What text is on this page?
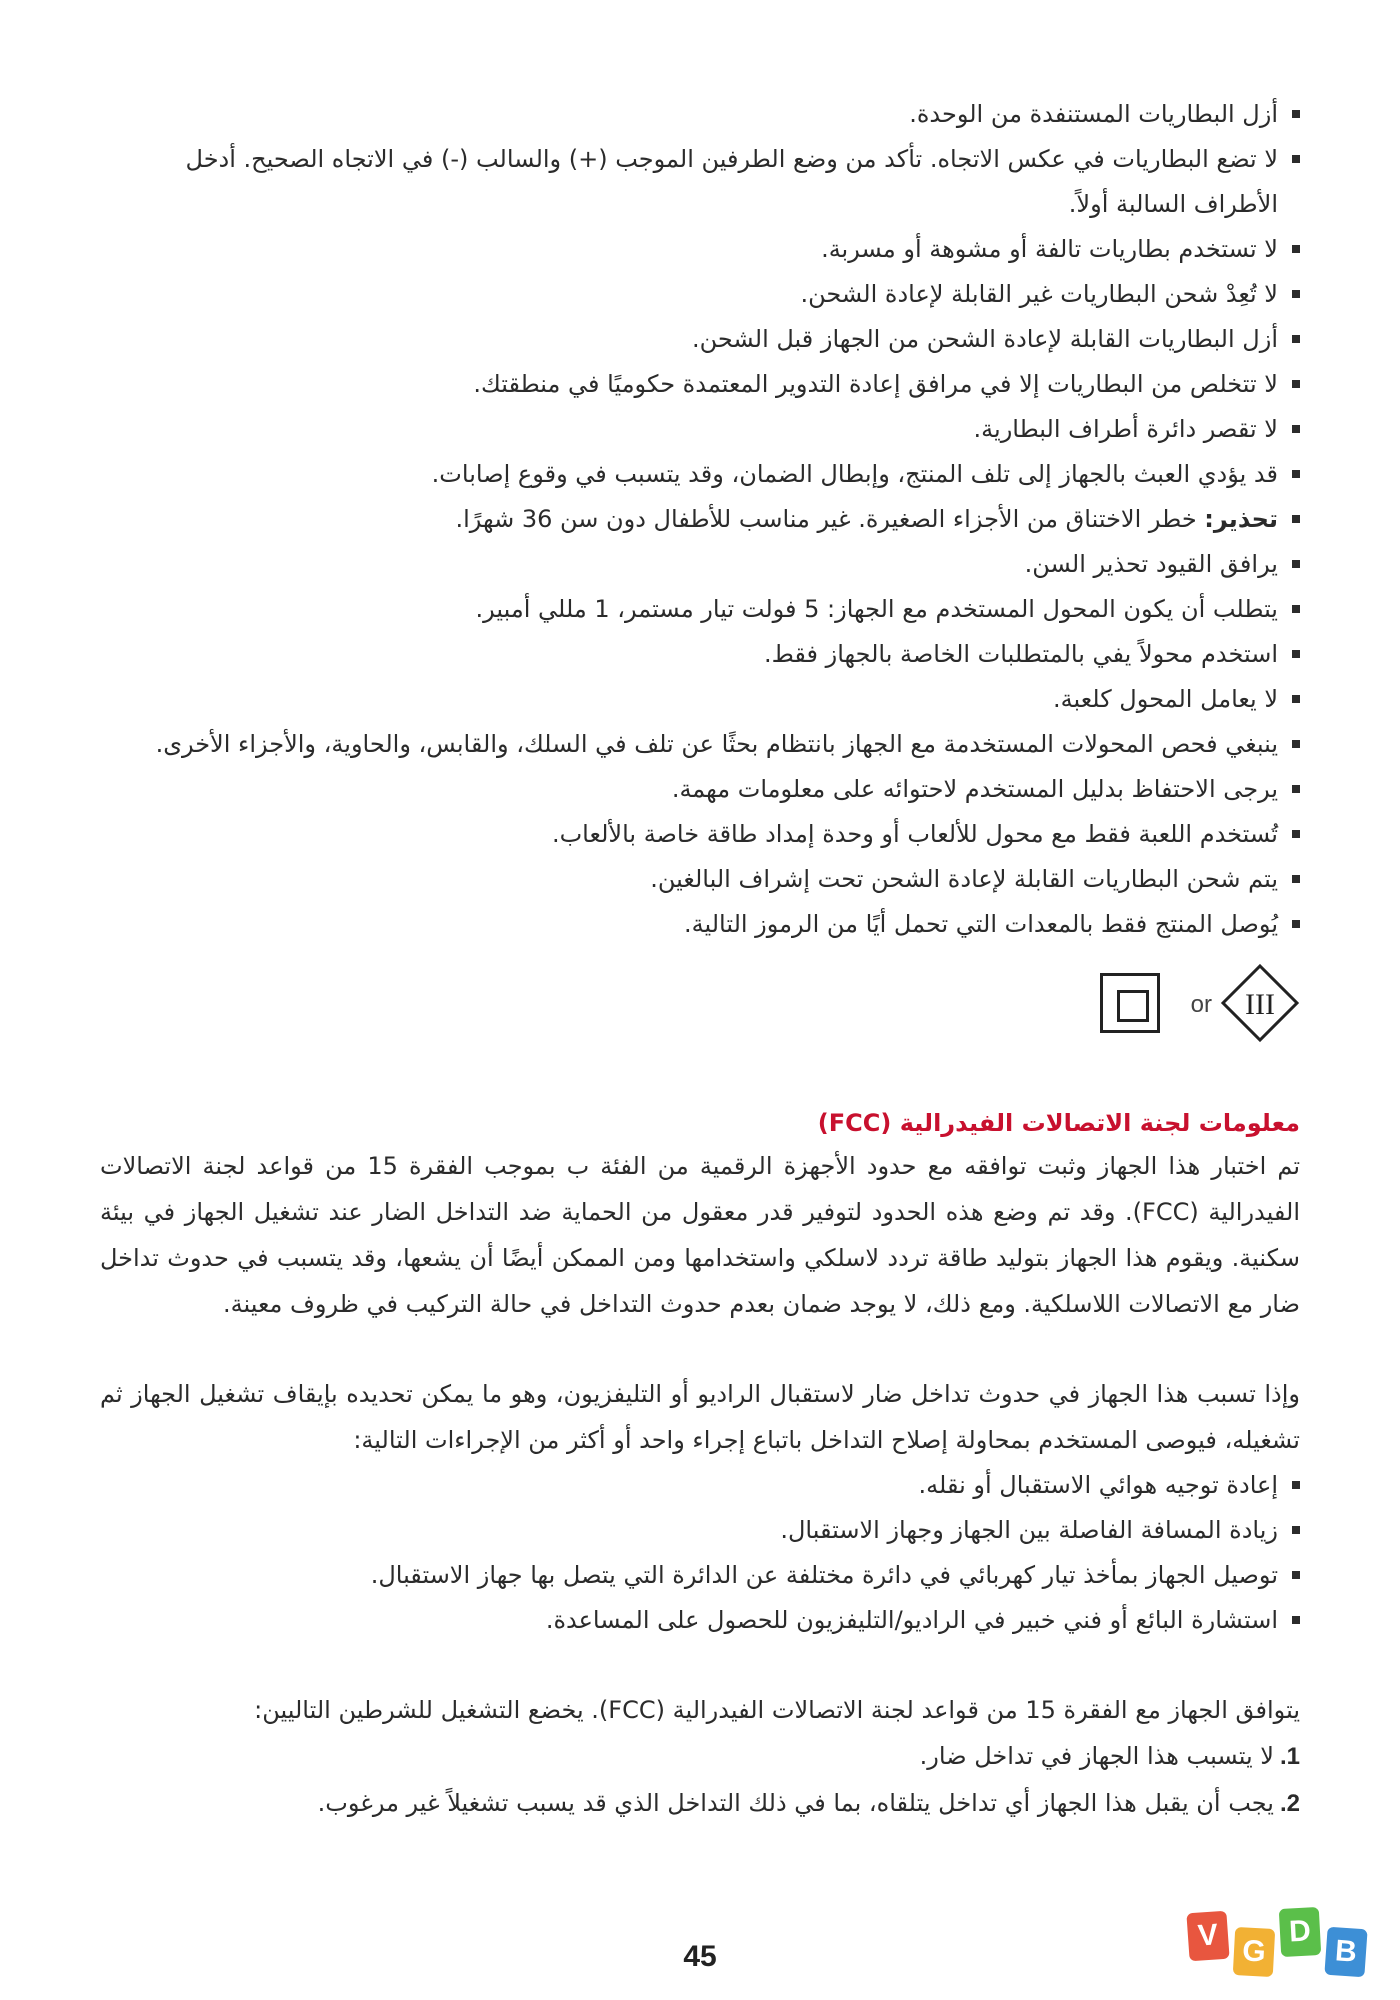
أزل البطاريات المستنفدة من الوحدة.
لا تضع البطاريات في عكس الاتجاه. تأكد من وضع الطرفين الموجب (+) والسالب (-) في الاتجاه الصحيح. أدخل الأطراف السالبة أولاً.
لا تستخدم بطاريات تالفة أو مشوهة أو مسربة.
لا تُعِدْ شحن البطاريات غير القابلة لإعادة الشحن.
أزل البطاريات القابلة لإعادة الشحن من الجهاز قبل الشحن.
لا تتخلص من البطاريات إلا في مرافق إعادة التدوير المعتمدة حكوميًا في منطقتك.
لا تقصر دائرة أطراف البطارية.
قد يؤدي العبث بالجهاز إلى تلف المنتج، وإبطال الضمان، وقد يتسبب في وقوع إصابات.
تحذير: خطر الاختناق من الأجزاء الصغيرة. غير مناسب للأطفال دون سن 36 شهرًا.
يرافق القيود تحذير السن.
يتطلب أن يكون المحول المستخدم مع الجهاز: 5 فولت تيار مستمر، 1 مللي أمبير.
استخدم محولاً يفي بالمتطلبات الخاصة بالجهاز فقط.
لا يعامل المحول كلعبة.
ينبغي فحص المحولات المستخدمة مع الجهاز بانتظام بحثًا عن تلف في السلك، والقابس، والحاوية، والأجزاء الأخرى.
يرجى الاحتفاظ بدليل المستخدم لاحتوائه على معلومات مهمة.
تُستخدم اللعبة فقط مع محول للألعاب أو وحدة إمداد طاقة خاصة بالألعاب.
يتم شحن البطاريات القابلة لإعادة الشحن تحت إشراف البالغين.
يُوصل المنتج فقط بالمعدات التي تحمل أيًا من الرموز التالية.
or III
معلومات لجنة الاتصالات الفيدرالية (FCC)

تم اختبار هذا الجهاز وثبت توافقه مع حدود الأجهزة الرقمية من الفئة ب بموجب الفقرة 15 من قواعد لجنة الاتصالات الفيدرالية (FCC). وقد تم وضع هذه الحدود لتوفير قدر معقول من الحماية ضد التداخل الضار عند تشغيل الجهاز في بيئة سكنية. ويقوم هذا الجهاز بتوليد طاقة تردد لاسلكي واستخدامها ومن الممكن أيضًا أن يشعها، وقد يتسبب في حدوث تداخل ضار مع الاتصالات اللاسلكية. ومع ذلك، لا يوجد ضمان بعدم حدوث التداخل في حالة التركيب في ظروف معينة.

وإذا تسبب هذا الجهاز في حدوث تداخل ضار لاستقبال الراديو أو التليفزيون، وهو ما يمكن تحديده بإيقاف تشغيل الجهاز ثم تشغيله، فيوصى المستخدم بمحاولة إصلاح التداخل باتباع إجراء واحد أو أكثر من الإجراءات التالية:

إعادة توجيه هوائي الاستقبال أو نقله.
زيادة المسافة الفاصلة بين الجهاز وجهاز الاستقبال.
توصيل الجهاز بمأخذ تيار كهربائي في دائرة مختلفة عن الدائرة التي يتصل بها جهاز الاستقبال.
استشارة البائع أو فني خبير في الراديو/التليفزيون للحصول على المساعدة.
يتوافق الجهاز مع الفقرة 15 من قواعد لجنة الاتصالات الفيدرالية (FCC). يخضع التشغيل للشرطين التاليين:
1.لا يتسبب هذا الجهاز في تداخل ضار.
2.يجب أن يقبل هذا الجهاز أي تداخل يتلقاه، بما في ذلك التداخل الذي قد يسبب تشغيلاً غير مرغوب.
45
V G
D
B
